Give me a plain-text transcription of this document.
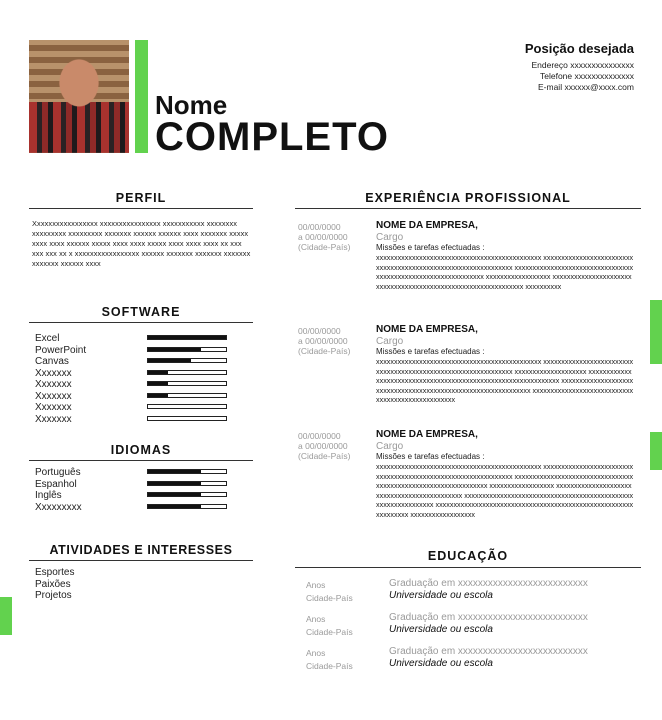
Nome
COMPLETO
Posição desejada
Endereço xxxxxxxxxxxxxxx
Telefone xxxxxxxxxxxxxx
E-mail xxxxxx@xxxx.com
PERFIL
Xxxxxxxxxxxxxxxxx xxxxxxxxxxxxxxxx xxxxxxxxxxx xxxxxxxx xxxxxxxxx xxxxxxxxx xxxxxxx xxxxxx xxxxxx xxxx xxxxxxx xxxxx xxxx xxxx xxxxxx xxxxx xxxx xxxx xxxxx xxxx xxxx xxxx xx xxx xxx xxx xx x xxxxxxxxxxxxxxxxx xxxxxx xxxxxxx xxxxxxx xxxxxxx xxxxxxx xxxxxx xxxx
SOFTWARE
Excel
PowerPoint
Canvas
Xxxxxxx
Xxxxxxx
Xxxxxxx
Xxxxxxx
Xxxxxxx
IDIOMAS
Português
Espanhol
Inglês
Xxxxxxxxx
ATIVIDADES E INTERESSES
Esportes
Paixões
Projetos
EXPERIÊNCIA PROFISSIONAL
00/00/0000
a 00/00/0000
(Cidade-País)
NOME DA EMPRESA,
Cargo
Missões e tarefas efectuadas :
xxxxxxxxxxxxxxxxxxxxxxxxxxxxxxxxxxxxxxxxxxxxxx xxxxxxxxxxxxxxxxxxxxxxxxxxxxxxxxxxxxxxxxxxxxxxxxxxxxxxxxxxxxxxx xxxxxxxxxxxxxxxxxxxxxxxxxxxxxxxxxxxxxxxxxxxxxxxxxxxxxxxxxxxxxxx xxxxxxxxxxxxxxxxxx xxxxxxxxxxxxxxxxxxxxxxxxxxxxxxxxxxxxxxxxxxxxxxxxxxxxxxxxxxxxxxx xxxxxxxxxx
00/00/0000
a 00/00/0000
(Cidade-País)
NOME DA EMPRESA,
Cargo
Missões e tarefas efectuadas :
xxxxxxxxxxxxxxxxxxxxxxxxxxxxxxxxxxxxxxxxxxxxxx xxxxxxxxxxxxxxxxxxxxxxxxxxxxxxxxxxxxxxxxxxxxxxxxxxxxxxxxxxxxxxx xxxxxxxxxxxxxxxxxxxx xxxxxxxxxxxxxxxxxxxxxxxxxxxxxxxxxxxxxxxxxxxxxxxxxxxxxxxxxxxxxxx xxxxxxxxxxxxxxxxxxxxxxxxxxxxxxxxxxxxxxxxxxxxxxxxxxxxxxxxxxxxxxx xxxxxxxxxxxxxxxxxxxxxxxxxxxxxxxxxxxxxxxxxxxxxxxxxx
00/00/0000
a 00/00/0000
(Cidade-País)
NOME DA EMPRESA,
Cargo
Missões e tarefas efectuadas :
xxxxxxxxxxxxxxxxxxxxxxxxxxxxxxxxxxxxxxxxxxxxxx xxxxxxxxxxxxxxxxxxxxxxxxxxxxxxxxxxxxxxxxxxxxxxxxxxxxxxxxxxxxxxx xxxxxxxxxxxxxxxxxxxxxxxxxxxxxxxxxxxxxxxxxxxxxxxxxxxxxxxxxxxxxxxx xxxxxxxxxxxxxxxxxx xxxxxxxxxxxxxxxxxxxxxxxxxxxxxxxxxxxxxxxxxxxxx xxxxxxxxxxxxxxxxxxxxxxxxxxxxxxxxxxxxxxxxxxxxxxxxxxxxxxxxxxxxxxx xxxxxxxxxxxxxxxxxxxxxxxxxxxxxxxxxxxxxxxxxxxxxxxxxxxxxxxxxxxxxxxx xxxxxxxxxxxxxxxxxx
EDUCAÇÃO
Anos
Cidade-País
Graduação em xxxxxxxxxxxxxxxxxxxxxxxxxx
Universidade ou escola
Anos
Cidade-País
Graduação em xxxxxxxxxxxxxxxxxxxxxxxxxx
Universidade ou escola
Anos
Cidade-País
Graduação em xxxxxxxxxxxxxxxxxxxxxxxxxx
Universidade ou escola
